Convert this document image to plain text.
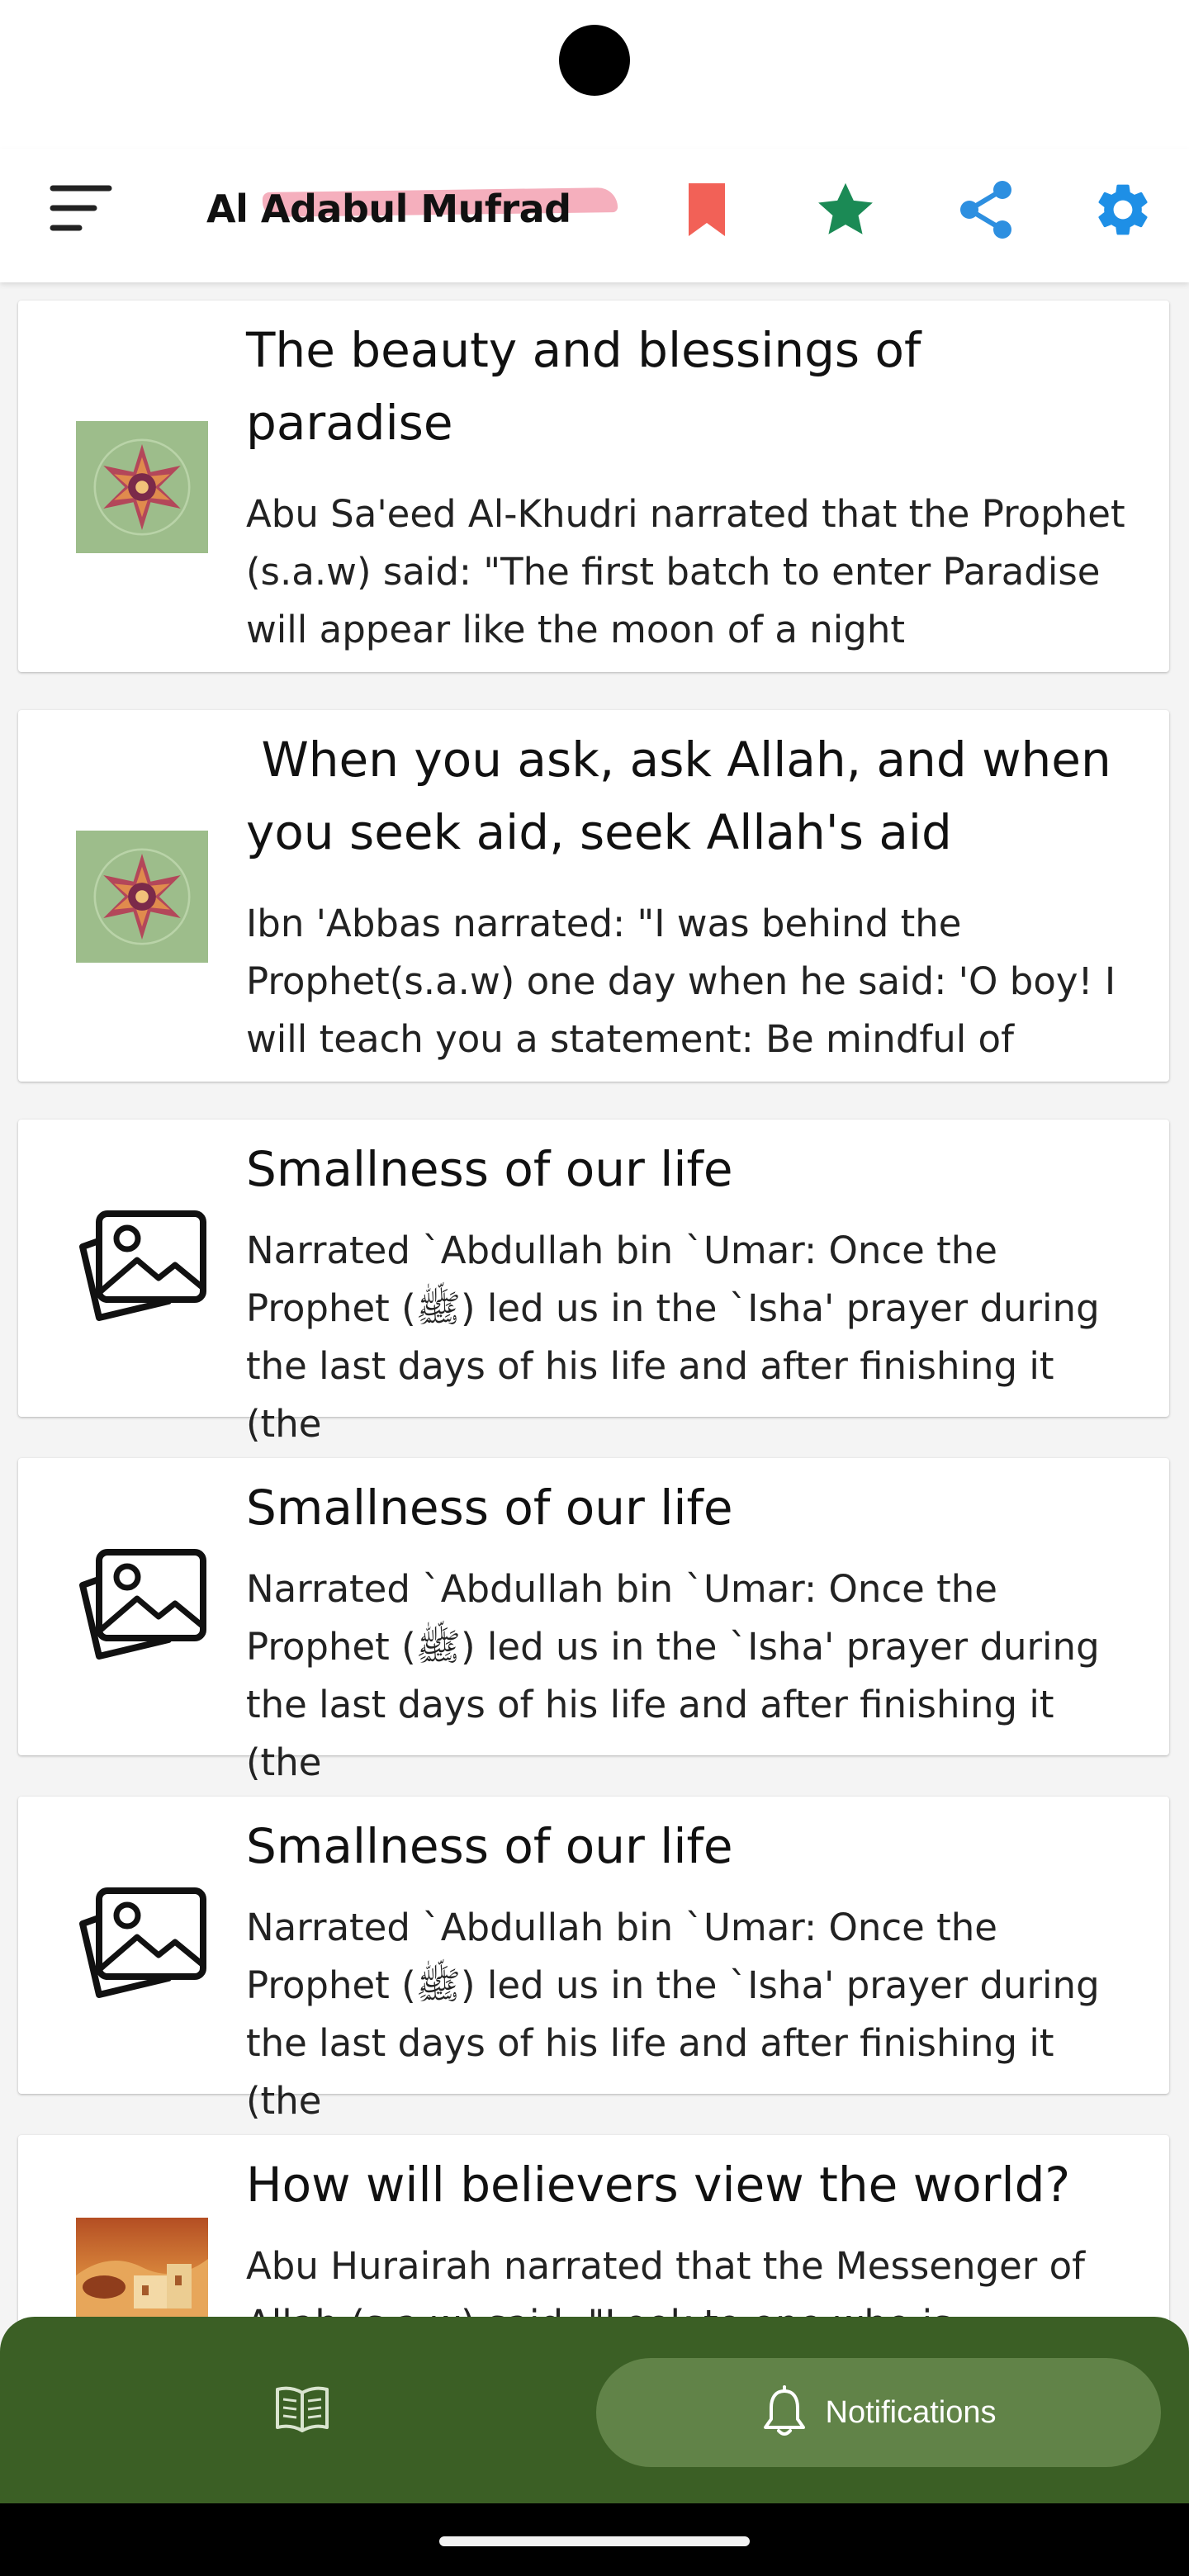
Al Adabul Mufrad
The beauty and blessings of paradise
Abu Sa'eed Al-Khudri narrated that the Prophet (s.a.w) said: "The first batch to enter Paradise will appear like the moon of a night
When you ask, ask Allah, and when you seek aid, seek Allah's aid
Ibn 'Abbas narrated: "I was behind the Prophet(s.a.w) one day when he said: 'O boy! I will teach you a statement: Be mindful of
Smallness of our life
Narrated `Abdullah bin `Umar: Once the Prophet (ﷺ) led us in the `Isha' prayer during the last days of his life and after finishing it (the
Smallness of our life
Narrated `Abdullah bin `Umar: Once the Prophet (ﷺ) led us in the `Isha' prayer during the last days of his life and after finishing it (the
Smallness of our life
Narrated `Abdullah bin `Umar: Once the Prophet (ﷺ) led us in the `Isha' prayer during the last days of his life and after finishing it (the
How will believers view the world?
Abu Hurairah narrated that the Messenger of
Notifications
